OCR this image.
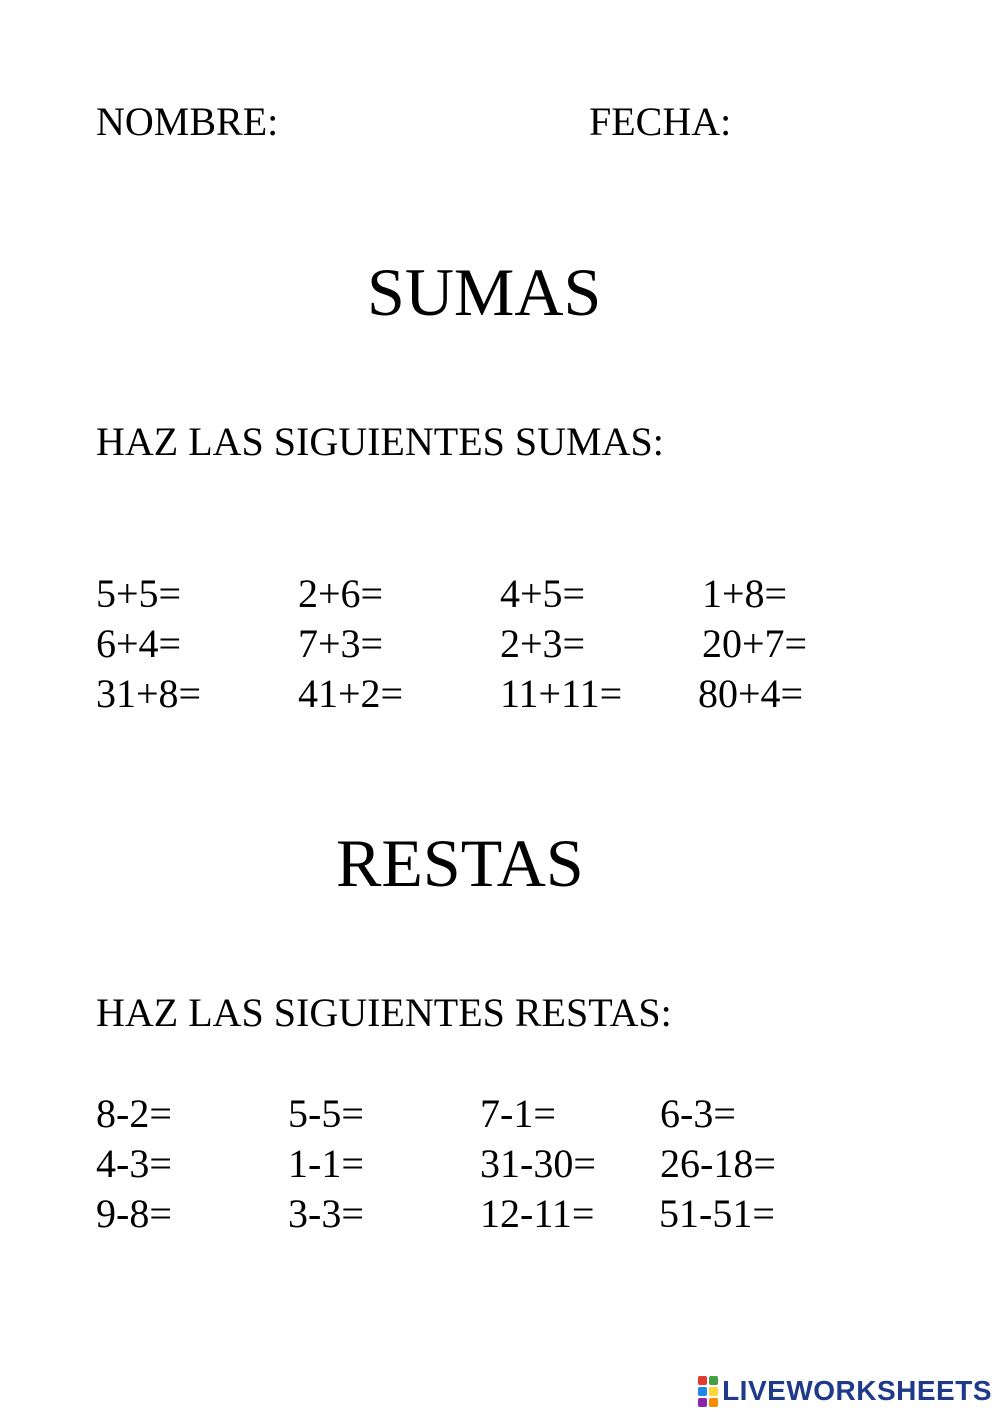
NOMBRE:	FECHA:
SUMAS
HAZ LAS SIGUIENTES SUMAS:
5+5=	2+6=	4+5=	1+8=
6+4=	7+3=	2+3=	20+7=
31+8= 41+2= 11+11= 80+4=
RESTAS
HAZ LAS SIGUIENTES RESTAS:
8-2=	5-5=	7-1=	6-3=
4-3=	1-1=	31-30= 26-18=
9-8=	3-3=	12-11= 51-51=
LIVEWORKSHEETS
